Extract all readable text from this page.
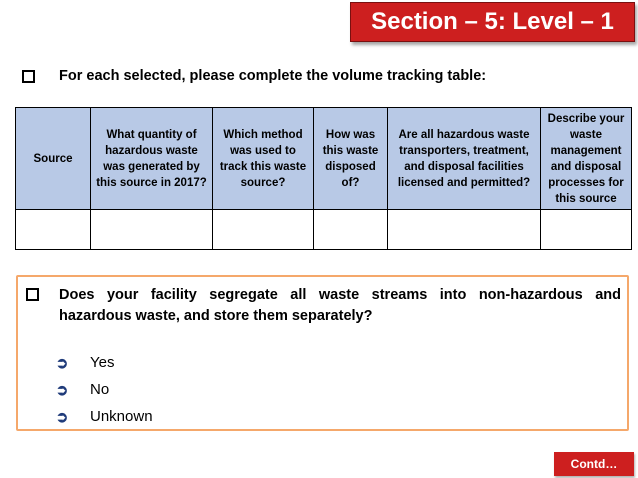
Section – 5: Level – 1
For each selected, please complete the volume tracking table:
Source	What quantity of hazardous waste was generated by this source in 2017?	Which method was used to track this waste source?	How was this waste disposed of?	Are all hazardous waste transporters, treatment, and disposal facilities licensed and permitted?	Describe your waste management and disposal processes for this source

Does your facility segregate all waste streams into non-hazardous and hazardous waste, and store them separately?
➲ Yes
➲ No
➲ Unknown
Contd…
